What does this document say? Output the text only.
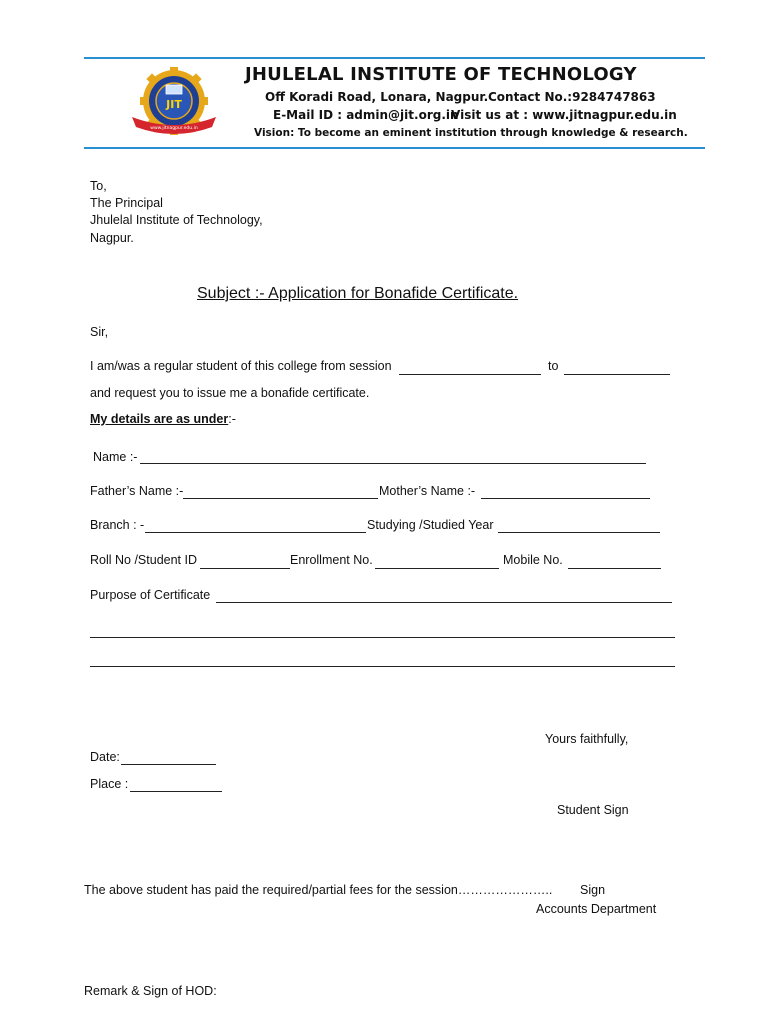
JIT
www.jitnagpur.edu.in
JHULELAL INSTITUTE OF TECHNOLOGY
Off Koradi Road, Lonara, Nagpur. Contact No.:9284747863
E-Mail ID : admin@jit.org.in
Visit us at : www.jitnagpur.edu.in
Vision: To become an eminent institution through knowledge & research.
To,
The Principal
Jhulelal Institute of Technology,
Nagpur.
Subject :- Application for Bonafide Certificate.
Sir,
I am/was a regular student of this college from session	to
and request you to issue me a bonafide certificate.
My details are as under:-
Name :-
Father’s Name :-	Mother’s Name :-
Branch : -	Studying /Studied Year
Roll No /Student ID	Enrollment No.	Mobile No.
Purpose of Certificate
Yours faithfully,
Date:
Place :
Student Sign
The above student has paid the required/partial fees for the session………………….. Sign
Accounts Department
Remark & Sign of HOD:
